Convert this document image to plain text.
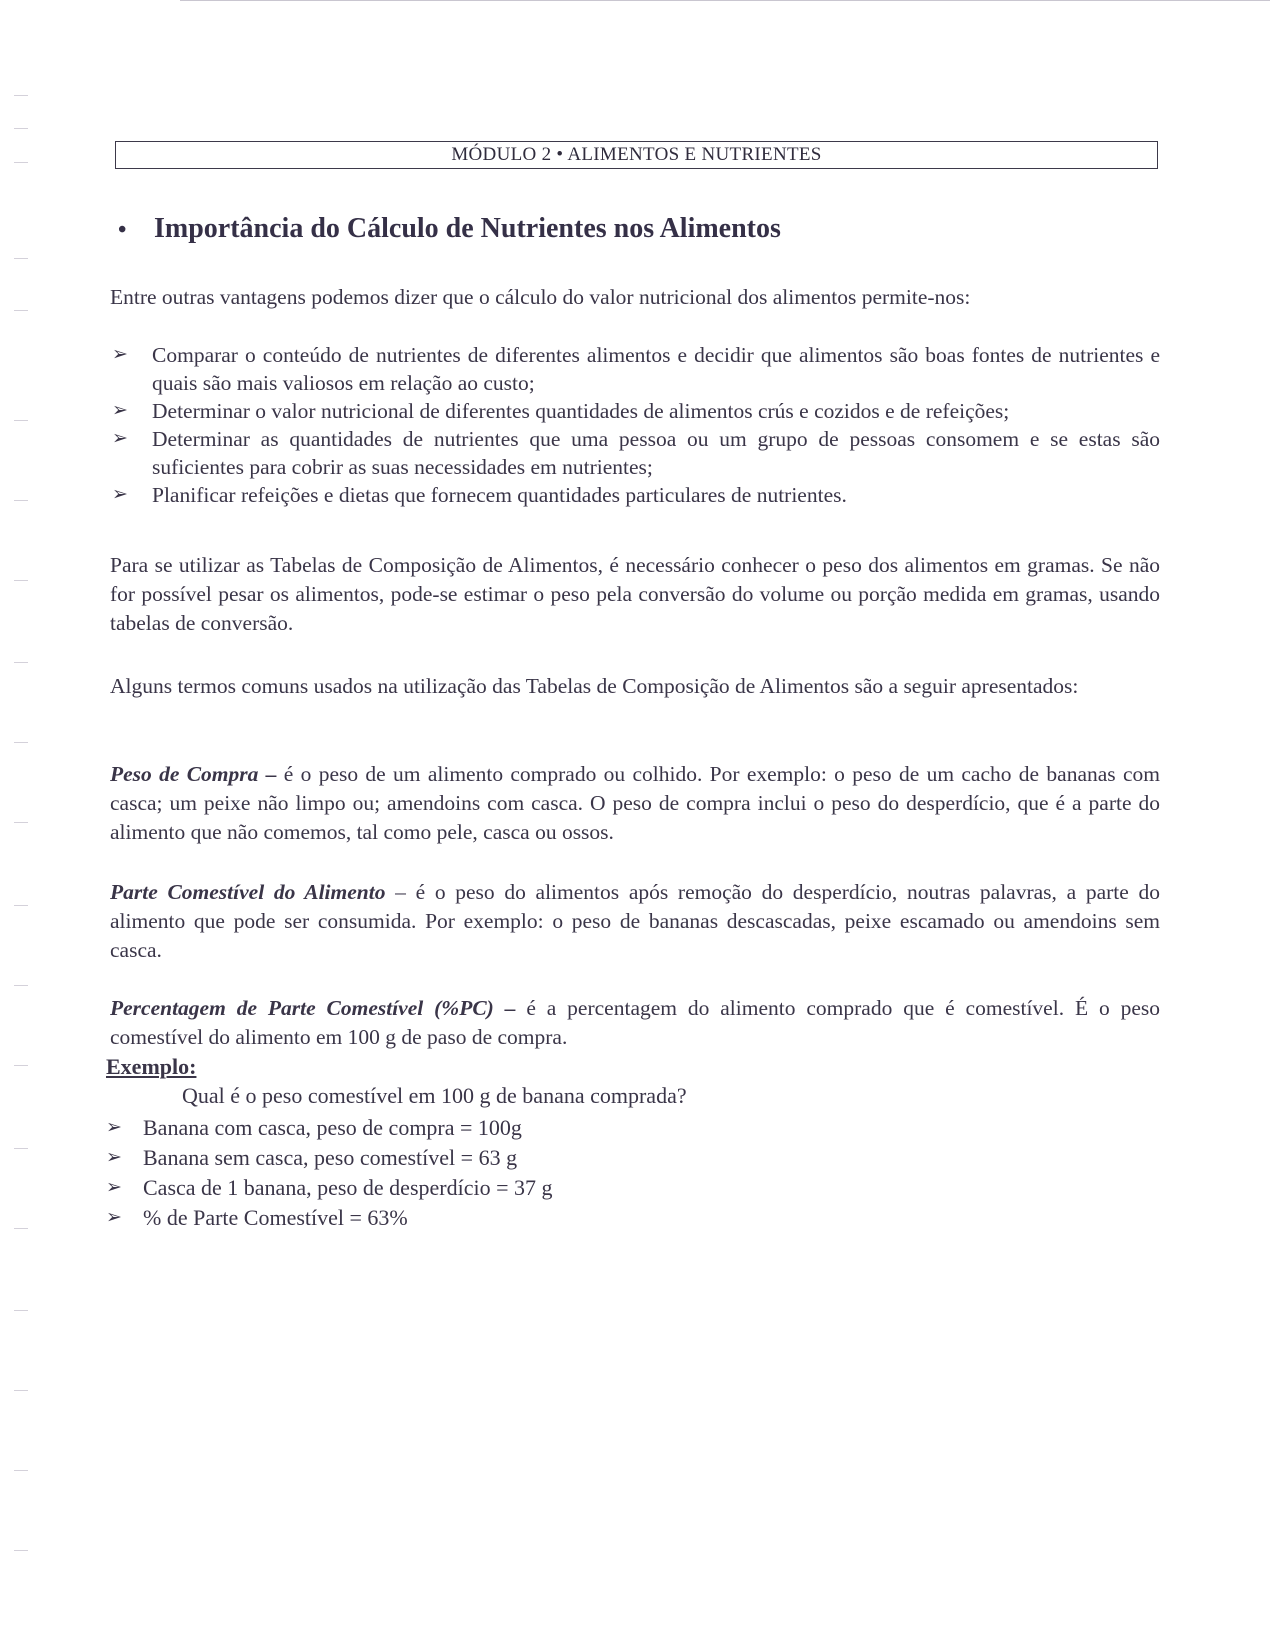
MÓDULO 2 • ALIMENTOS E NUTRIENTES
• Importância do Cálculo de Nutrientes nos Alimentos
Entre outras vantagens podemos dizer que o cálculo do valor nutricional dos alimentos permite-nos:
➢ Comparar o conteúdo de nutrientes de diferentes alimentos e decidir que alimentos são boas fontes de nutrientes e quais são mais valiosos em relação ao custo;
➢ Determinar o valor nutricional de diferentes quantidades de alimentos crús e cozidos e de refeições;
➢ Determinar as quantidades de nutrientes que uma pessoa ou um grupo de pessoas consomem e se estas são suficientes para cobrir as suas necessidades em nutrientes;
➢ Planificar refeições e dietas que fornecem quantidades particulares de nutrientes.
Para se utilizar as Tabelas de Composição de Alimentos, é necessário conhecer o peso dos alimentos em gramas. Se não for possível pesar os alimentos, pode-se estimar o peso pela conversão do volume ou porção medida em gramas, usando tabelas de conversão.
Alguns termos comuns usados na utilização das Tabelas de Composição de Alimentos são a seguir apresentados:
Peso de Compra – é o peso de um alimento comprado ou colhido. Por exemplo: o peso de um cacho de bananas com casca; um peixe não limpo ou; amendoins com casca. O peso de compra inclui o peso do desperdício, que é a parte do alimento que não comemos, tal como pele, casca ou ossos.
Parte Comestível do Alimento – é o peso do alimentos após remoção do desperdício, noutras palavras, a parte do alimento que pode ser consumida. Por exemplo: o peso de bananas descascadas, peixe escamado ou amendoins sem casca.
Percentagem de Parte Comestível (%PC) – é a percentagem do alimento comprado que é comestível. É o peso comestível do alimento em 100 g de paso de compra.
Exemplo:
Qual é o peso comestível em 100 g de banana comprada?
➢ Banana com casca, peso de compra = 100g
➢ Banana sem casca, peso comestível = 63 g
➢ Casca de 1 banana, peso de desperdício = 37 g
➢ % de Parte Comestível = 63%
